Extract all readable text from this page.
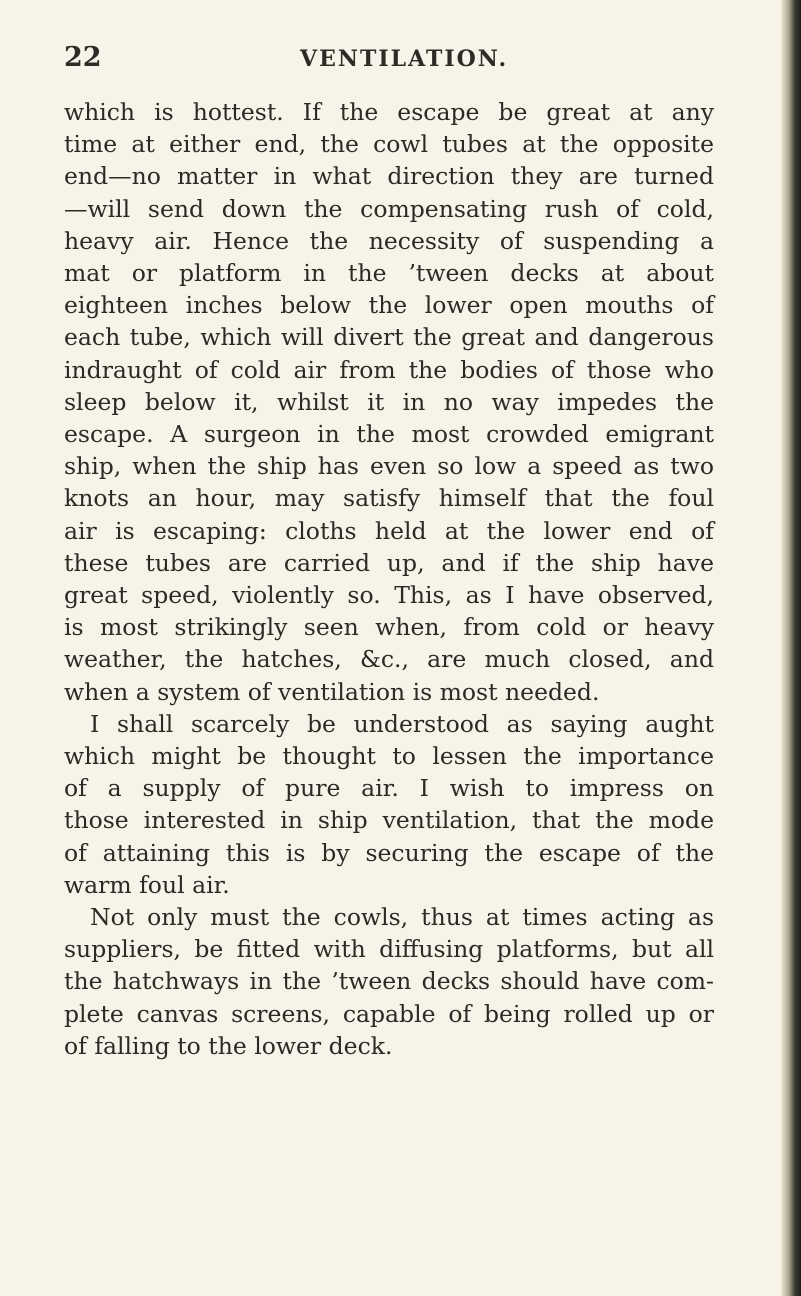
22	VENTILATION.
which is hottest. If the escape be great at any
time at either end, the cowl tubes at the opposite
end—no matter in what direction they are turned
—will send down the compensating rush of cold,
heavy air. Hence the necessity of suspending a
mat or platform in the ’tween decks at about
eighteen inches below the lower open mouths of
each tube, which will divert the great and dangerous
indraught of cold air from the bodies of those who
sleep below it, whilst it in no way impedes the
escape. A surgeon in the most crowded emigrant
ship, when the ship has even so low a speed as two
knots an hour, may satisfy himself that the foul
air is escaping: cloths held at the lower end of
these tubes are carried up, and if the ship have
great speed, violently so. This, as I have observed,
is most strikingly seen when, from cold or heavy
weather, the hatches, &c., are much closed, and
when a system of ventilation is most needed.
I shall scarcely be understood as saying aught
which might be thought to lessen the importance
of a supply of pure air. I wish to impress on
those interested in ship ventilation, that the mode
of attaining this is by securing the escape of the
warm foul air.
Not only must the cowls, thus at times acting as
suppliers, be fitted with diffusing platforms, but all
the hatchways in the ’tween decks should have com-
plete canvas screens, capable of being rolled up or
of falling to the lower deck.
